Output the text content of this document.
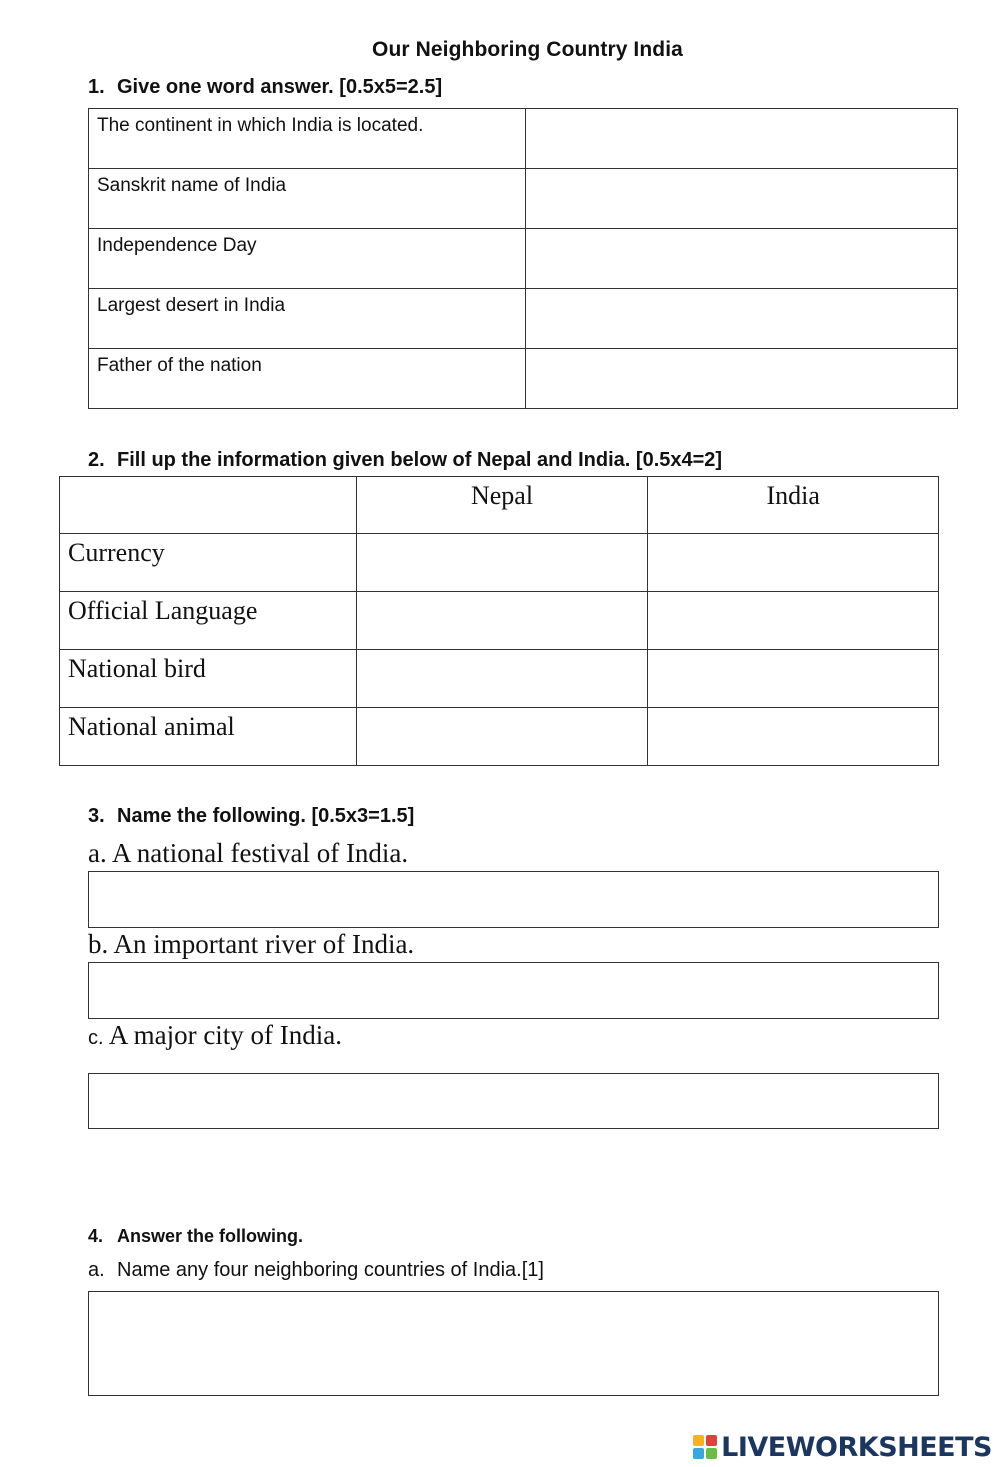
Our Neighboring Country India
1. Give one word answer. [0.5x5=2.5]
The continent in which India is located.	
Sanskrit name of India	
Independence Day	
Largest desert in India	
Father of the nation	
2. Fill up the information given below of Nepal and India. [0.5x4=2]
	Nepal	India
Currency		
Official Language		
National bird		
National animal		
3. Name the following. [0.5x3=1.5]
a. A national festival of India.
b. An important river of India.
c. A major city of India.
4. Answer the following.
a. Name any four neighboring countries of India.[1]
LIVEWORKSHEETS
